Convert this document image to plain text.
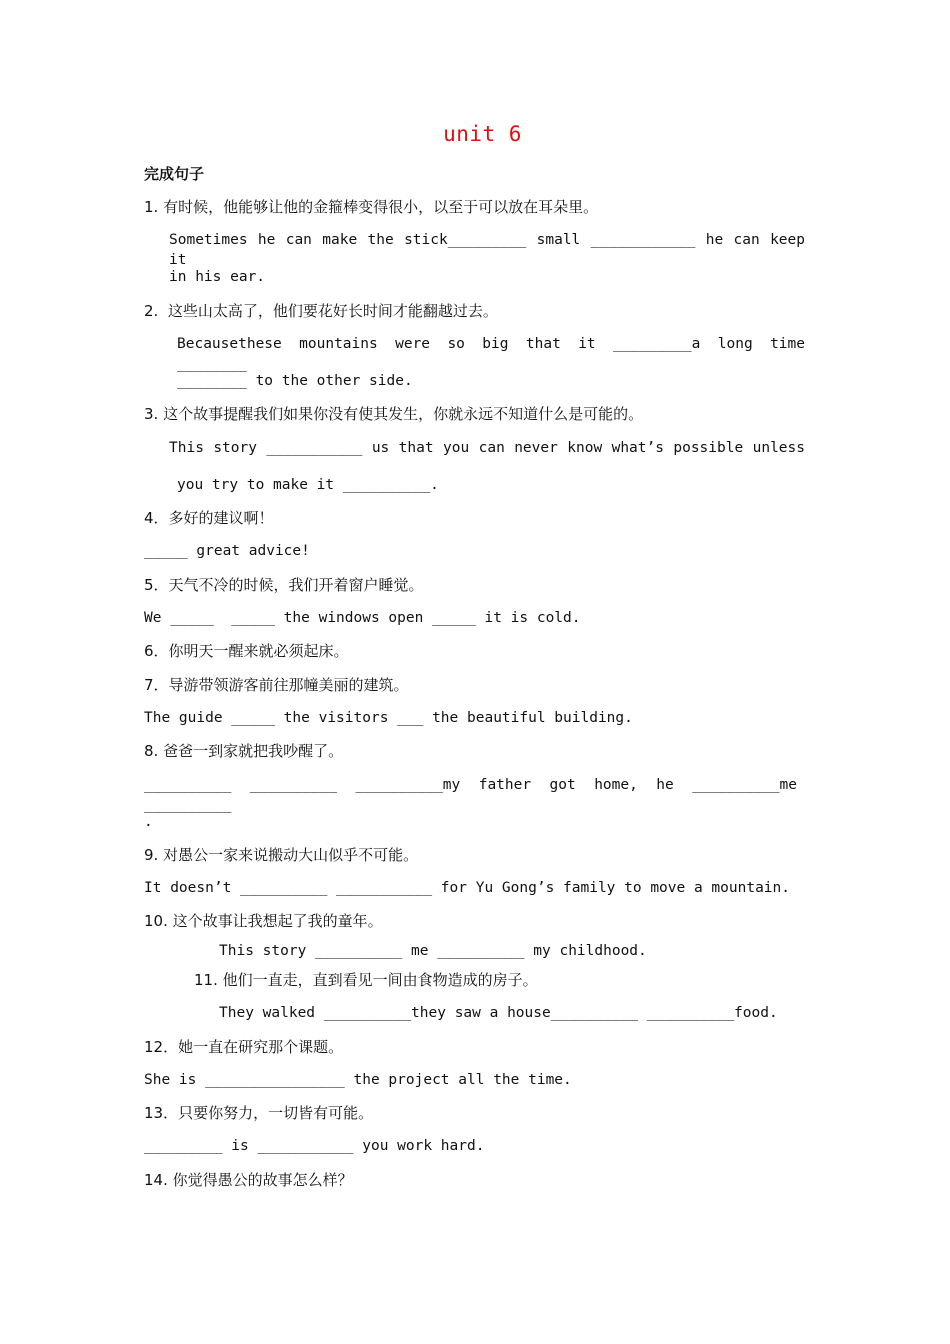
unit 6
完成句子
1. 有时候，他能够让他的金箍棒变得很小，以至于可以放在耳朵里。
Sometimes he can make the stick_________ small ____________ he can keep it
in his ear.
2.  这些山太高了，他们要花好长时间才能翻越过去。
Becausethese mountains were so big that it _________a long time ________
________ to the other side.
3. 这个故事提醒我们如果你没有使其发生，你就永远不知道什么是可能的。
This story ___________ us that you can never know what’s possible unless
you try to make it __________.
4．多好的建议啊！
_____ great advice!
5．天气不冷的时候，我们开着窗户睡觉。
We _____  _____ the windows open _____ it is cold.
6．你明天一醒来就必须起床。
7．导游带领游客前往那幢美丽的建筑。
The guide _____ the visitors ___ the beautiful building.
8. 爸爸一到家就把我吵醒了。
__________ __________ __________my father got home, he __________me __________
.
9. 对愚公一家来说搬动大山似乎不可能。
It doesn’t __________ ___________ for Yu Gong’s family to move a mountain.
10. 这个故事让我想起了我的童年。
This story __________ me __________ my childhood.
11. 他们一直走，直到看见一间由食物造成的房子。
They walked __________they saw a house__________ __________food.
12．她一直在研究那个课题。
She is ________________ the project all the time.
13．只要你努力，一切皆有可能。
_________ is ___________ you work hard.
14. 你觉得愚公的故事怎么样？
